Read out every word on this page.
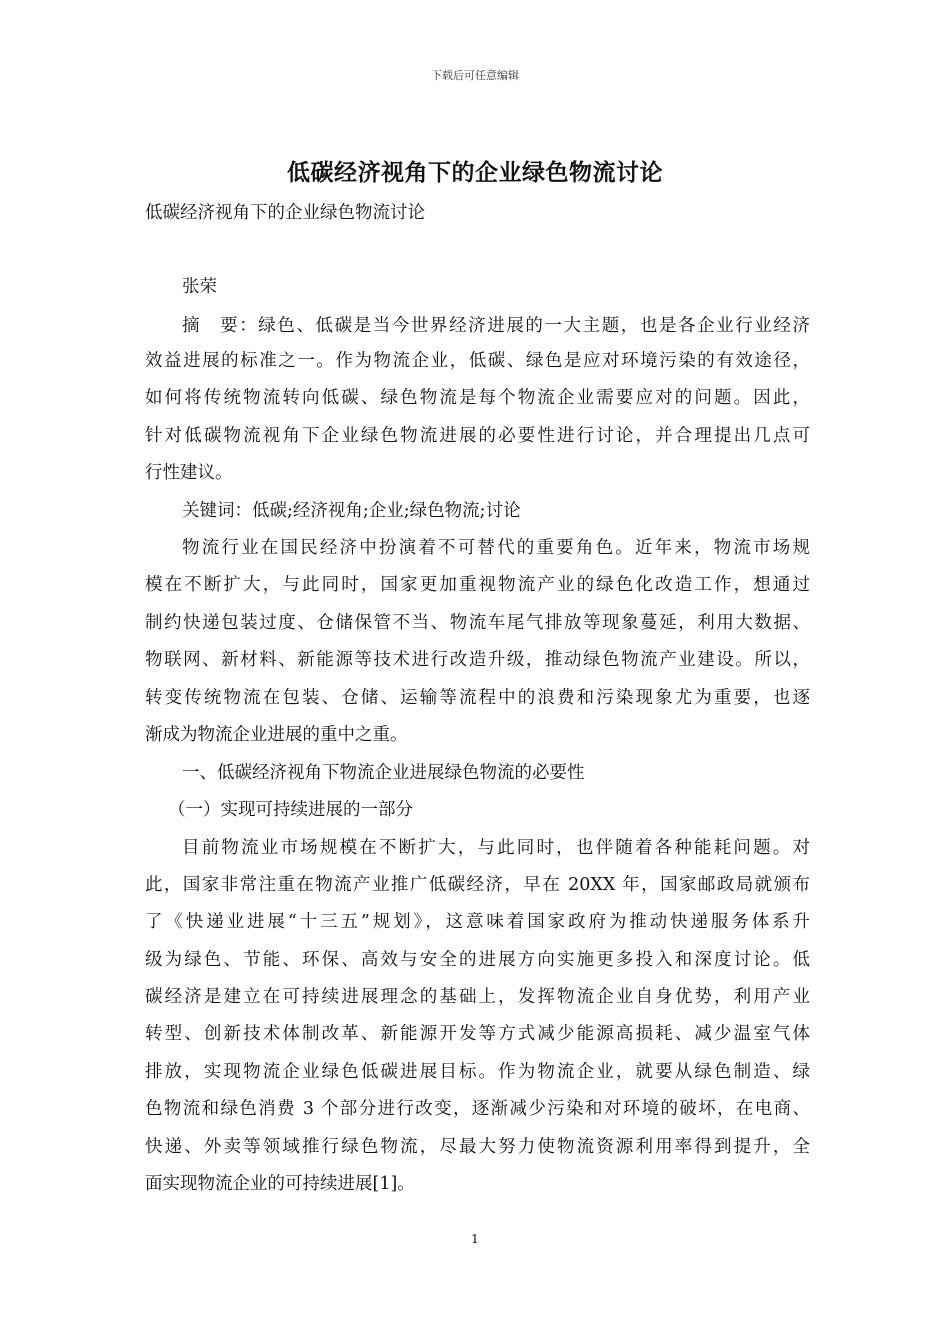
下载后可任意编辑
低碳经济视角下的企业绿色物流讨论
低碳经济视角下的企业绿色物流讨论
张荣
摘　要：绿色、低碳是当今世界经济进展的一大主题，也是各企业行业经济
效益进展的标准之一。作为物流企业，低碳、绿色是应对环境污染的有效途径，
如何将传统物流转向低碳、绿色物流是每个物流企业需要应对的问题。因此，
针对低碳物流视角下企业绿色物流进展的必要性进行讨论，并合理提出几点可
行性建议。
关键词：低碳;经济视角;企业;绿色物流;讨论
物流行业在国民经济中扮演着不可替代的重要角色。近年来，物流市场规
模在不断扩大，与此同时，国家更加重视物流产业的绿色化改造工作，想通过
制约快递包装过度、仓储保管不当、物流车尾气排放等现象蔓延，利用大数据、
物联网、新材料、新能源等技术进行改造升级，推动绿色物流产业建设。所以，
转变传统物流在包装、仓储、运输等流程中的浪费和污染现象尤为重要，也逐
渐成为物流企业进展的重中之重。
一、低碳经济视角下物流企业进展绿色物流的必要性
（一）实现可持续进展的一部分
目前物流业市场规模在不断扩大，与此同时，也伴随着各种能耗问题。对
此，国家非常注重在物流产业推广低碳经济，早在 20XX 年，国家邮政局就颁布
了《快递业进展“十三五”规划》，这意味着国家政府为推动快递服务体系升
级为绿色、节能、环保、高效与安全的进展方向实施更多投入和深度讨论。低
碳经济是建立在可持续进展理念的基础上，发挥物流企业自身优势，利用产业
转型、创新技术体制改革、新能源开发等方式减少能源高损耗、减少温室气体
排放，实现物流企业绿色低碳进展目标。作为物流企业，就要从绿色制造、绿
色物流和绿色消费 3 个部分进行改变，逐渐减少污染和对环境的破坏，在电商、
快递、外卖等领域推行绿色物流，尽最大努力使物流资源利用率得到提升，全
面实现物流企业的可持续进展[1]。
1
